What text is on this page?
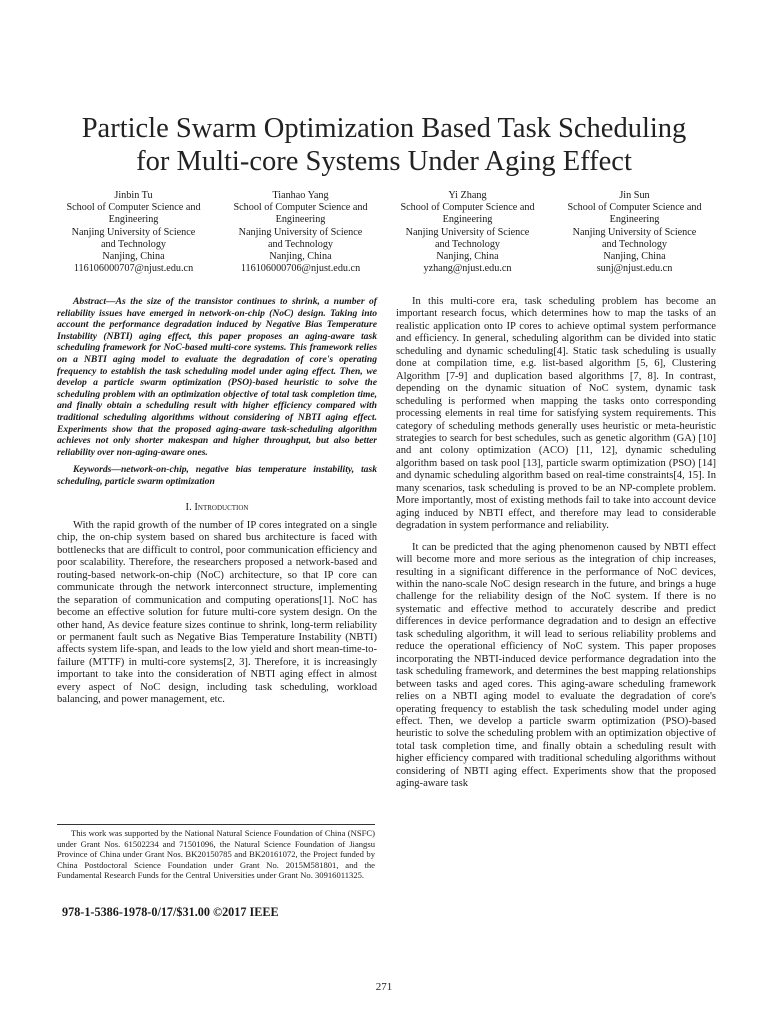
Particle Swarm Optimization Based Task Scheduling
for Multi-core Systems Under Aging Effect
Jinbin Tu
School of Computer Science and
Engineering
Nanjing University of Science
and Technology
Nanjing, China
116106000707@njust.edu.cn
Tianhao Yang
School of Computer Science and
Engineering
Nanjing University of Science
and Technology
Nanjing, China
116106000706@njust.edu.cn
Yi Zhang
School of Computer Science and
Engineering
Nanjing University of Science
and Technology
Nanjing, China
yzhang@njust.edu.cn
Jin Sun
School of Computer Science and
Engineering
Nanjing University of Science
and Technology
Nanjing, China
sunj@njust.edu.cn

Abstract—As the size of the transistor continues to shrink, a number of reliability issues have emerged in network-on-chip (NoC) design. Taking into account the performance degradation induced by Negative Bias Temperature Instability (NBTI) aging effect, this paper proposes an aging-aware task scheduling framework for NoC-based multi-core systems. This framework relies on a NBTI aging model to evaluate the degradation of core's operating frequency to establish the task scheduling model under aging effect. Then, we develop a particle swarm optimization (PSO)-based heuristic to solve the scheduling problem with an optimization objective of total task completion time, and finally obtain a scheduling result with higher efficiency compared with traditional scheduling algorithms without considering of NBTI aging effect. Experiments show that the proposed aging-aware task-scheduling algorithm achieves not only shorter makespan and higher throughput, but also better reliability over non-aging-aware ones.

Keywords—network-on-chip, negative bias temperature instability, task scheduling, particle swarm optimization

I. Introduction

With the rapid growth of the number of IP cores integrated on a single chip, the on-chip system based on shared bus architecture is faced with bottlenecks that are difficult to control, poor communication efficiency and poor scalability. Therefore, the researchers proposed a network-based and routing-based network-on-chip (NoC) architecture, so that IP core can communicate through the network interconnect structure, implementing the separation of communication and computing operations[1]. NoC has become an effective solution for future multi-core system design. On the other hand, As device feature sizes continue to shrink, long-term reliability or permanent fault such as Negative Bias Temperature Instability (NBTI) affects system life-span, and leads to the low yield and short mean-time-to-failure (MTTF) in multi-core systems[2, 3]. Therefore, it is increasingly important to take into the consideration of NBTI aging effect in almost every aspect of NoC design, including task scheduling, workload balancing, and power management, etc.

In this multi-core era, task scheduling problem has become an important research focus, which determines how to map the tasks of an realistic application onto IP cores to achieve optimal system performance and efficiency. In general, scheduling algorithm can be divided into static scheduling and dynamic scheduling[4]. Static task scheduling is usually done at compilation time, e.g. list-based algorithm [5, 6], Clustering Algorithm [7-9] and duplication based algorithms [7, 8]. In contrast, depending on the dynamic situation of NoC system, dynamic task scheduling is performed when mapping the tasks onto corresponding processing elements in real time for satisfying system requirements. This category of scheduling methods generally uses heuristic or meta-heuristic strategies to search for best schedules, such as genetic algorithm (GA) [10] and ant colony optimization (ACO) [11, 12], dynamic scheduling algorithm based on task pool [13], particle swarm optimization (PSO) [14] and dynamic scheduling algorithm based on real-time constraints[4, 15]. In many scenarios, task scheduling is proved to be an NP-complete problem. More importantly, most of existing methods fail to take into account device aging induced by NBTI effect, and therefore may lead to considerable degradation in system performance and reliability.

It can be predicted that the aging phenomenon caused by NBTI effect will become more and more serious as the integration of chip increases, resulting in a significant difference in the performance of NoC devices, within the nano-scale NoC design research in the future, and brings a huge challenge for the reliability design of the NoC system. If there is no systematic and effective method to accurately describe and predict differences in device performance degradation and to design an effective task scheduling algorithm, it will lead to serious reliability problems and reduce the operational efficiency of NoC system. This paper proposes incorporating the NBTI-induced device performance degradation into the task scheduling framework, and determines the best mapping relationships between tasks and aged cores. This aging-aware scheduling framework relies on a NBTI aging model to evaluate the degradation of core's operating frequency to establish the task scheduling model under aging effect. Then, we develop a particle swarm optimization (PSO)-based heuristic to solve the scheduling problem with an optimization objective of total task completion time, and finally obtain a scheduling result with higher efficiency compared with traditional scheduling algorithms without considering of NBTI aging effect. Experiments show that the proposed aging-aware task

This work was supported by the National Natural Science Foundation of China (NSFC) under Grant Nos. 61502234 and 71501096, the Natural Science Foundation of Jiangsu Province of China under Grant Nos. BK20150785 and BK20161072, the Project funded by China Postdoctoral Science Foundation under Grant No. 2015M581801, and the Fundamental Research Funds for the Central Universities under Grant No. 30916011325.
978-1-5386-1978-0/17/$31.00 ©2017 IEEE
271
